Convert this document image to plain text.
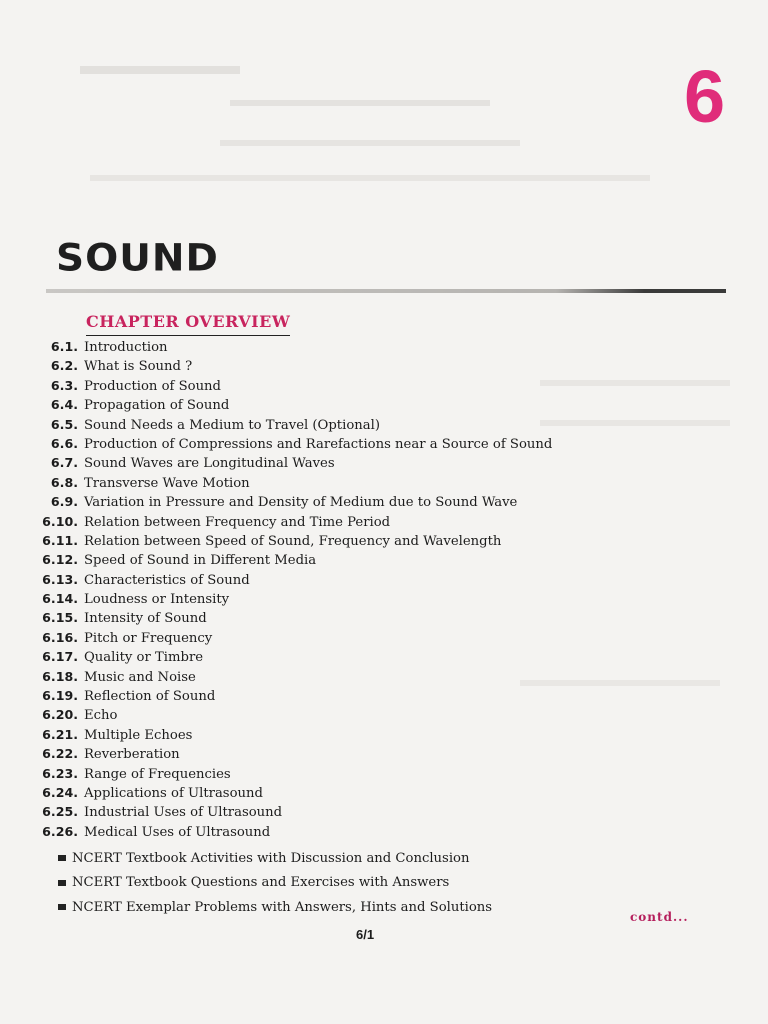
6
SOUND
CHAPTER OVERVIEW
6.1. Introduction
6.2. What is Sound ?
6.3. Production of Sound
6.4. Propagation of Sound
6.5. Sound Needs a Medium to Travel (Optional)
6.6. Production of Compressions and Rarefactions near a Source of Sound
6.7. Sound Waves are Longitudinal Waves
6.8. Transverse Wave Motion
6.9. Variation in Pressure and Density of Medium due to Sound Wave
6.10. Relation between Frequency and Time Period
6.11. Relation between Speed of Sound, Frequency and Wavelength
6.12. Speed of Sound in Different Media
6.13. Characteristics of Sound
6.14. Loudness or Intensity
6.15. Intensity of Sound
6.16. Pitch or Frequency
6.17. Quality or Timbre
6.18. Music and Noise
6.19. Reflection of Sound
6.20. Echo
6.21. Multiple Echoes
6.22. Reverberation
6.23. Range of Frequencies
6.24. Applications of Ultrasound
6.25. Industrial Uses of Ultrasound
6.26. Medical Uses of Ultrasound
NCERT Textbook Activities with Discussion and Conclusion
NCERT Textbook Questions and Exercises with Answers
NCERT Exemplar Problems with Answers, Hints and Solutions
contd...
6/1
